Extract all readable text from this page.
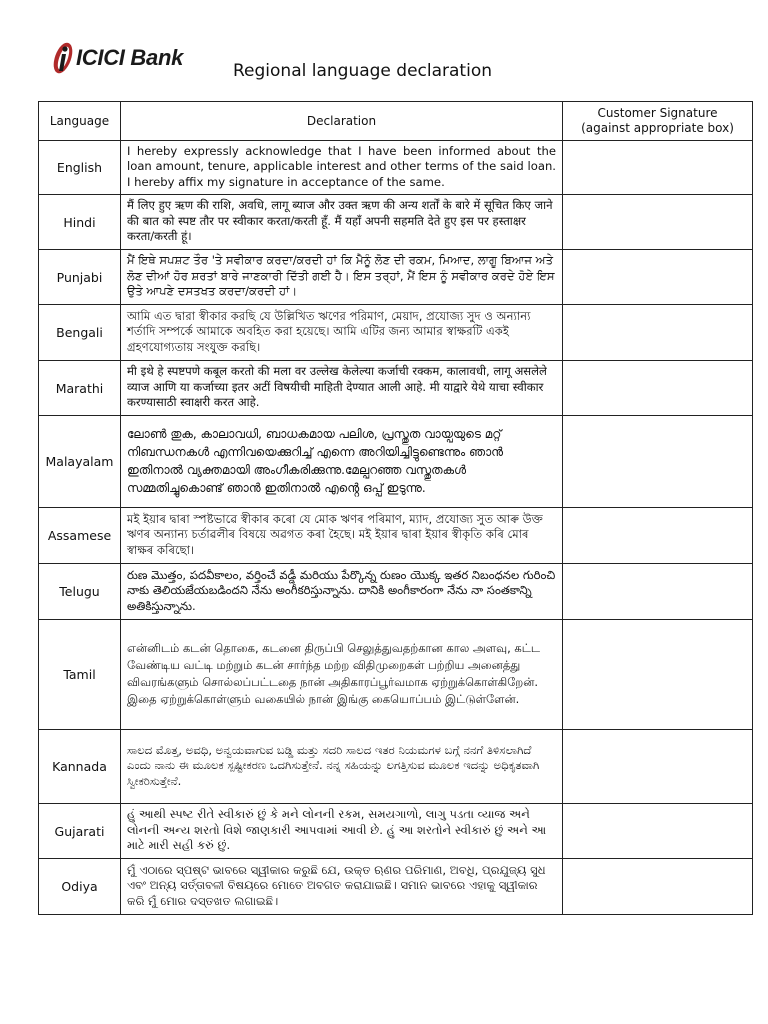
ICICI Bank
Regional language declaration
Language	Declaration	Customer Signature
(against appropriate box)
English	I hereby expressly acknowledge that I have been informed about the loan amount, tenure, applicable interest and other terms of the said loan. I hereby affix my signature in acceptance of the same.	
Hindi	मैं लिए हुए ऋण की राशि, अवधि, लागू ब्याज और उक्त ऋण की अन्य शर्तों के बारे में सूचित किए जाने की बात को स्पष्ट तौर पर स्वीकार करता/करती हूँ. मैं यहाँ अपनी सहमति देते हुए इस पर हस्ताक्षर करता/करती हूं।	
Punjabi	ਮੈਂ ਇਥੇ ਸਪਸ਼ਟ ਤੌਰ 'ਤੇ ਸਵੀਕਾਰ ਕਰਦਾ/ਕਰਦੀ ਹਾਂ ਕਿ ਮੈਨੂੰ ਲੋਣ ਦੀ ਰਕਮ, ਮਿਆਦ, ਲਾਗੂ ਬਿਆਜ ਅਤੇ ਲੋਣ ਦੀਆਂ ਹੋਰ ਸ਼ਰਤਾਂ ਬਾਰੇ ਜਾਣਕਾਰੀ ਦਿੱਤੀ ਗਈ ਹੈ। ਇਸ ਤਰ੍ਹਾਂ, ਮੈਂ ਇਸ ਨੂੰ ਸਵੀਕਾਰ ਕਰਦੇ ਹੋਏ ਇਸ ਉਤੇ ਆਪਣੇ ਦਸਤਖਤ ਕਰਦਾ/ਕਰਦੀ ਹਾਂ।	
Bengali	আমি এত দ্বারা স্বীকার করছি যে উল্লিখিত ঋণের পরিমাণ, মেয়াদ, প্রযোজ্য সুদ ও অন্যান্য শর্তাদি সম্পর্কে আমাকে অবহিত করা হয়েছে। আমি এটির জন্য আমার স্বাক্ষরটি একই গ্রহণযোগ্যতায় সংযুক্ত করছি।	
Marathi	मी इथे हे स्पष्टपणे कबूल करतो की मला वर उल्लेख केलेल्या कर्जाची रक्कम, कालावधी, लागू असलेले व्याज आणि या कर्जाच्या इतर अटीं विषयीची माहिती देण्यात आली आहे. मी याद्वारे येथे याचा स्वीकार करण्यासाठी स्वाक्षरी करत आहे.	
Malayalam	ലോൺ തുക, കാലാവധി, ബാധകമായ പലിശ, പ്രസ്തുത വായ്പയുടെ മറ്റ് നിബന്ധനകൾ എന്നിവയെക്കുറിച്ച് എന്നെ അറിയിച്ചിട്ടുണ്ടെന്നും ഞാൻ ഇതിനാൽ വ്യക്തമായി അംഗീകരിക്കുന്നു.മേല്പറഞ്ഞ വസ്തുതകൾ സമ്മതിച്ചുകൊണ്ട് ഞാൻ ഇതിനാൽ എൻ്റെ ഒപ്പ് ഇടുന്നു.	
Assamese	মই ইয়াৰ দ্বাৰা স্পষ্টভাৱে স্বীকাৰ কৰো যে মোক ঋণৰ পৰিমাণ, ম্যাদ, প্ৰযোজ্য সুত আৰু উক্ত ঋণৰ অন্যান্য চৰ্তাৱলীৰ বিষয়ে অৱগত কৰা হৈছে। মই ইয়াৰ দ্বাৰা ইয়াৰ স্বীকৃতি কৰি মোৰ স্বাক্ষৰ কৰিছো।	
Telugu	రుణ మొత్తం, పదవీకాలం, వర్తించే వడ్డీ మరియు పేర్కొన్న రుణం యొక్క ఇతర నిబంధనల గురించి నాకు తెలియజేయబడిందని నేను అంగీకరిస్తున్నాను. దానికి అంగీకారంగా నేను నా సంతకాన్ని అతికిస్తున్నాను.	
Tamil	என்னிடம் கடன் தொகை, கடனை திருப்பி செலுத்துவதற்கான கால அளவு, கட்ட வேண்டிய வட்டி மற்றும் கடன் சார்ந்த மற்ற விதிமுறைகள் பற்றிய அனைத்து விவரங்களும் சொல்லப்பட்டதை நான் அதிகாரப்பூர்வமாக ஏற்றுக்கொள்கிறேன். இதை ஏற்றுக்கொள்ளும் வகையில் நான் இங்கு கையொப்பம் இட்டுள்ளேன்.	
Kannada	ಸಾಲದ ಮೊತ್ತ, ಅವಧಿ, ಅನ್ವಯವಾಗುವ ಬಡ್ಡಿ ಮತ್ತು ಸದರಿ ಸಾಲದ ಇತರ ನಿಯಮಗಳ ಬಗ್ಗೆ ನನಗೆ ತಿಳಿಸಲಾಗಿದೆ ಎಂದು ನಾನು ಈ ಮೂಲಕ ಸ್ಪಷ್ಟೀಕರಣ ಒದಗಿಸುತ್ತೇನೆ. ನನ್ನ ಸಹಿಯನ್ನು ಲಗತ್ತಿಸುವ ಮೂಲಕ ಇದನ್ನು ಅಧಿಕೃತವಾಗಿ ಸ್ವೀಕರಿಸುತ್ತೇನೆ.	
Gujarati	હું આથી સ્પષ્ટ રીતે સ્વીકારું છું કે મને લોનની રકમ, સમયગાળો, લાગુ પડતા વ્યાજ અને લોનની અન્ય શરતો વિશે જાણકારી આપવામાં આવી છે. હું આ શરતોને સ્વીકારું છું અને આ માટે મારી સહી કરું છું.	
Odiya	ମୁଁ ଏଠାରେ ସ୍ପଷ୍ଟ ଭାବରେ ସ୍ୱୀକାର କରୁଛି ଯେ, ଉକ୍ତ ଋଣର ପରିମାଣ, ଅବଧି, ପ୍ରଯୁଜ୍ୟ ସୁଧ ଏବଂ ଅନ୍ୟ ସର୍ତ୍ତାବଳୀ ବିଷୟରେ ମୋତେ ଅବଗତ କରାଯାଇଛି। ସମାନ ଭାବରେ ଏହାକୁ ସ୍ୱୀକାର କରି ମୁଁ ମୋର ଦସ୍ତଖତ ଲଗାଇଛି।	
